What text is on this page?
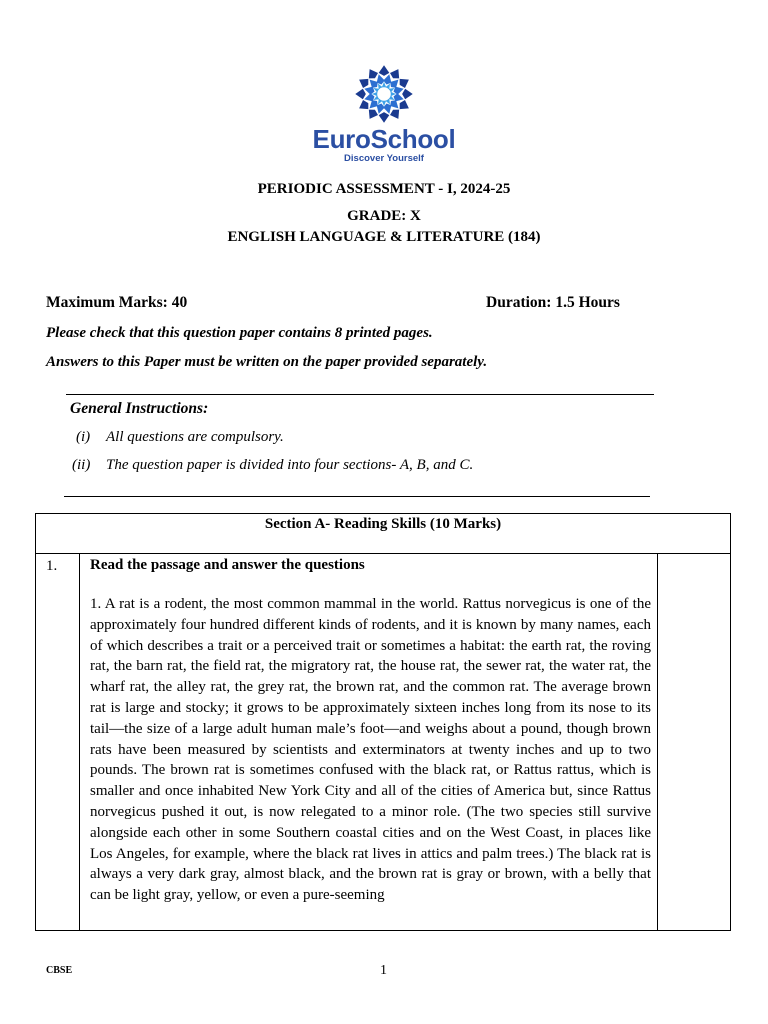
EuroSchool
Discover Yourself
PERIODIC ASSESSMENT - I, 2024-25
GRADE: X
ENGLISH LANGUAGE & LITERATURE (184)
Maximum Marks: 40	Duration: 1.5 Hours
Please check that this question paper contains 8 printed pages.
Answers to this Paper must be written on the paper provided separately.
General Instructions:
(i) All questions are compulsory.
(ii) The question paper is divided into four sections- A, B, and C.
Section A- Reading Skills (10 Marks)
1. Read the passage and answer the questions
1. A rat is a rodent, the most common mammal in the world. Rattus norvegicus is one of the approximately four hundred different kinds of rodents, and it is known by many names, each of which describes a trait or a perceived trait or sometimes a habitat: the earth rat, the roving rat, the barn rat, the field rat, the migratory rat, the house rat, the sewer rat, the water rat, the wharf rat, the alley rat, the grey rat, the brown rat, and the common rat. The average brown rat is large and stocky; it grows to be approximately sixteen inches long from its nose to its tail—the size of a large adult human male’s foot—and weighs about a pound, though brown rats have been measured by scientists and exterminators at twenty inches and up to two pounds. The brown rat is sometimes confused with the black rat, or Rattus rattus, which is smaller and once inhabited New York City and all of the cities of America but, since Rattus norvegicus pushed it out, is now relegated to a minor role. (The two species still survive alongside each other in some Southern coastal cities and on the West Coast, in places like Los Angeles, for example, where the black rat lives in attics and palm trees.) The black rat is always a very dark gray, almost black, and the brown rat is gray or brown, with a belly that can be light gray, yellow, or even a pure-seeming
CBSE	1
